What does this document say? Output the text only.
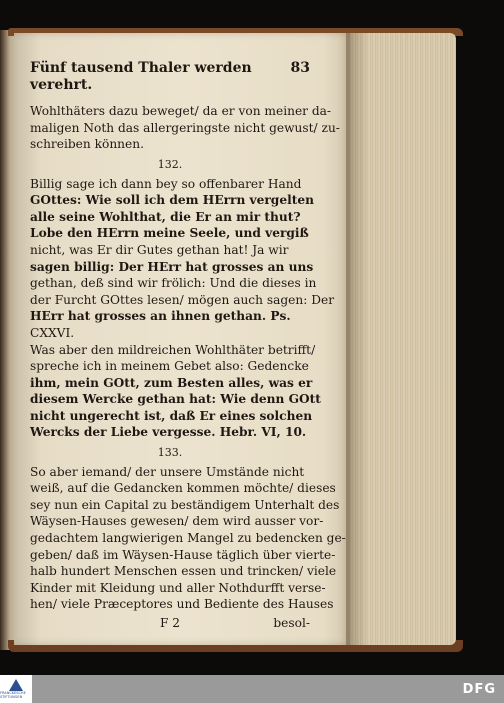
Fünf tausend Thaler werden verehrt.
83
Wohlthäters dazu beweget/ da er von meiner da-
maligen Noth das allergeringste nicht gewust/ zu-
schreiben können.
132.
Billig sage ich dann bey so offenbarer Hand
GOttes: Wie soll ich dem HErrn vergelten
alle seine Wohlthat, die Er an mir thut?
Lobe den HErrn meine Seele, und vergiß
nicht, was Er dir Gutes gethan hat! Ja wir
sagen billig: Der HErr hat grosses an uns
gethan, deß sind wir frölich: Und die dieses in
der Furcht GOttes lesen/ mögen auch sagen: Der
HErr hat grosses an ihnen gethan. Ps.
CXXVI.
Was aber den mildreichen Wohlthäter betrifft/
spreche ich in meinem Gebet also: Gedencke
ihm, mein GOtt, zum Besten alles, was er
diesem Wercke gethan hat: Wie denn GOtt
nicht ungerecht ist, daß Er eines solchen
Wercks der Liebe vergesse. Hebr. VI, 10.
133.
So aber iemand/ der unsere Umstände nicht
weiß, auf die Gedancken kommen möchte/ dieses
sey nun ein Capital zu beständigem Unterhalt des
Wäysen-Hauses gewesen/ dem wird ausser vor-
gedachtem langwierigen Mangel zu bedencken ge-
geben/ daß im Wäysen-Hause täglich über vierte-
halb hundert Menschen essen und trincken/ viele
Kinder mit Kleidung und aller Nothdurfft verse-
hen/ viele Præceptores und Bediente des Hauses
F 2	besol-
FRANCKESCHE STIFTUNGEN
DFG
